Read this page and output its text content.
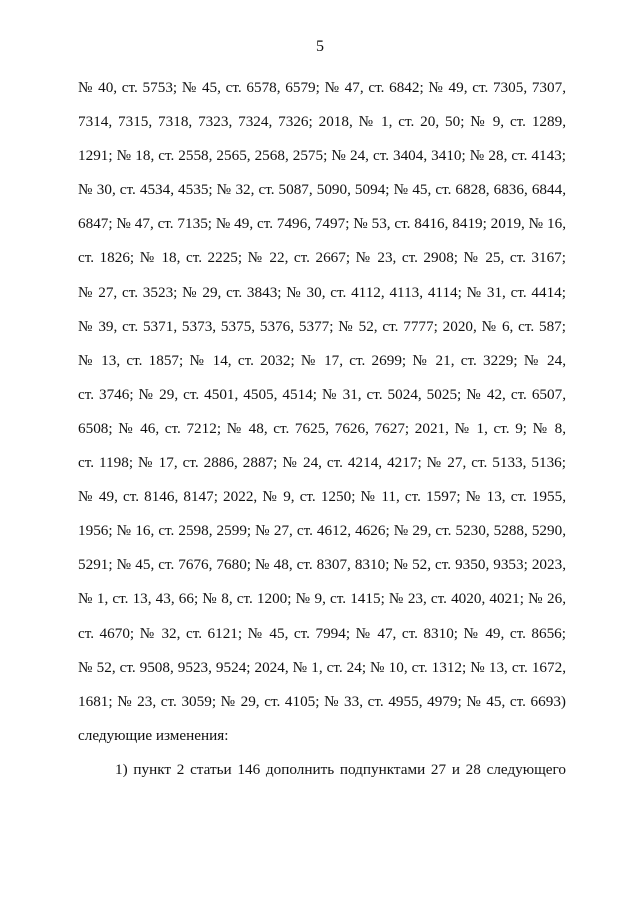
5
№ 40, ст. 5753; № 45, ст. 6578, 6579; № 47, ст. 6842; № 49, ст. 7305, 7307,
7314, 7315, 7318, 7323, 7324, 7326; 2018, № 1, ст. 20, 50; № 9, ст. 1289,
1291; № 18, ст. 2558, 2565, 2568, 2575; № 24, ст. 3404, 3410; № 28, ст. 4143;
№ 30, ст. 4534, 4535; № 32, ст. 5087, 5090, 5094; № 45, ст. 6828, 6836, 6844,
6847; № 47, ст. 7135; № 49, ст. 7496, 7497; № 53, ст. 8416, 8419; 2019, № 16,
ст. 1826; № 18, ст. 2225; № 22, ст. 2667; № 23, ст. 2908; № 25, ст. 3167;
№ 27, ст. 3523; № 29, ст. 3843; № 30, ст. 4112, 4113, 4114; № 31, ст. 4414;
№ 39, ст. 5371, 5373, 5375, 5376, 5377; № 52, ст. 7777; 2020, № 6, ст. 587;
№ 13, ст. 1857; № 14, ст. 2032; № 17, ст. 2699; № 21, ст. 3229; № 24,
ст. 3746; № 29, ст. 4501, 4505, 4514; № 31, ст. 5024, 5025; № 42, ст. 6507,
6508; № 46, ст. 7212; № 48, ст. 7625, 7626, 7627; 2021, № 1, ст. 9; № 8,
ст. 1198; № 17, ст. 2886, 2887; № 24, ст. 4214, 4217; № 27, ст. 5133, 5136;
№ 49, ст. 8146, 8147; 2022, № 9, ст. 1250; № 11, ст. 1597; № 13, ст. 1955,
1956; № 16, ст. 2598, 2599; № 27, ст. 4612, 4626; № 29, ст. 5230, 5288, 5290,
5291; № 45, ст. 7676, 7680; № 48, ст. 8307, 8310; № 52, ст. 9350, 9353; 2023,
№ 1, ст. 13, 43, 66; № 8, ст. 1200; № 9, ст. 1415; № 23, ст. 4020, 4021; № 26,
ст. 4670; № 32, ст. 6121; № 45, ст. 7994; № 47, ст. 8310; № 49, ст. 8656;
№ 52, ст. 9508, 9523, 9524; 2024, № 1, ст. 24; № 10, ст. 1312; № 13, ст. 1672,
1681; № 23, ст. 3059; № 29, ст. 4105; № 33, ст. 4955, 4979; № 45, ст. 6693)
следующие изменения:
1) пункт 2 статьи 146 дополнить подпунктами 27 и 28 следующего
